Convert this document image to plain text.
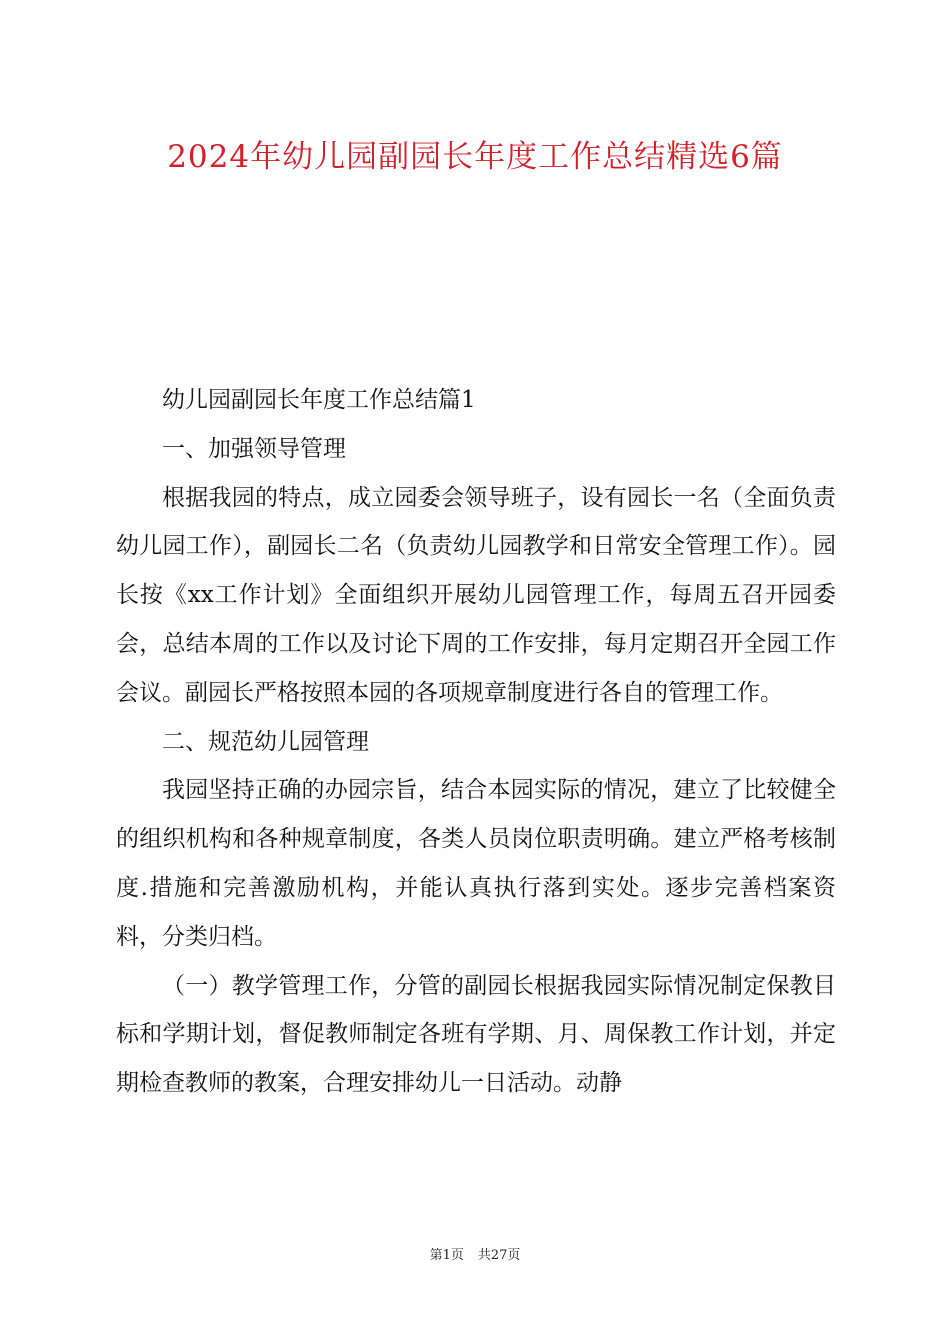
2024年幼儿园副园长年度工作总结精选6篇

幼儿园副园长年度工作总结篇1

一、加强领导管理

根据我园的特点，成立园委会领导班子，设有园长一名（全面负责幼儿园工作），副园长二名（负责幼儿园教学和日常安全管理工作）。园长按《xx工作计划》全面组织开展幼儿园管理工作，每周五召开园委会，总结本周的工作以及讨论下周的工作安排，每月定期召开全园工作会议。副园长严格按照本园的各项规章制度进行各自的管理工作。

二、规范幼儿园管理

我园坚持正确的办园宗旨，结合本园实际的情况，建立了比较健全的组织机构和各种规章制度，各类人员岗位职责明确。建立严格考核制度.措施和完善激励机构，并能认真执行落到实处。逐步完善档案资料，分类归档。

（一）教学管理工作，分管的副园长根据我园实际情况制定保教目标和学期计划，督促教师制定各班有学期、月、周保教工作计划，并定期检查教师的教案，合理安排幼儿一日活动。动静

第1页 共27页
